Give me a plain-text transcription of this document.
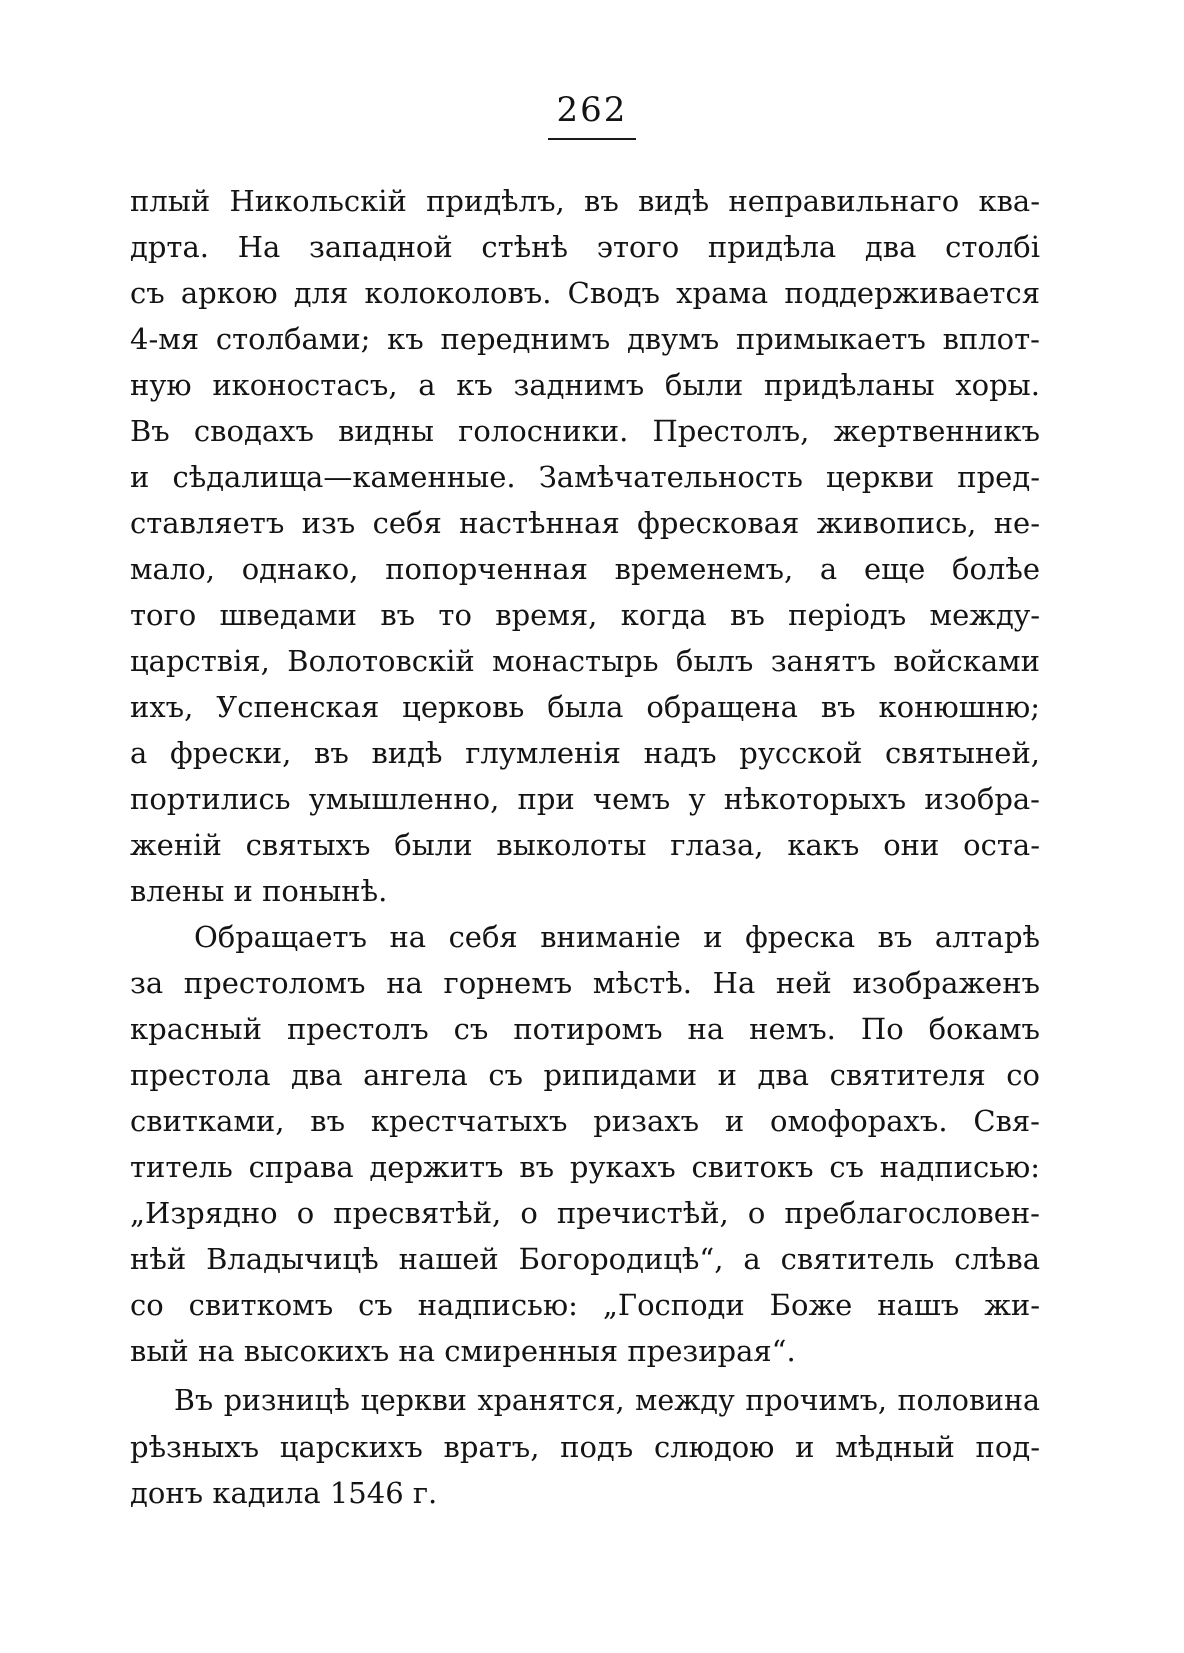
262
плый Никольскій придѣлъ, въ видѣ неправильнаго ква-
дрта. На западной стѣнѣ этого придѣла два столбі
съ аркою для колоколовъ. Сводъ храма поддерживается
4-мя столбами; къ переднимъ двумъ примыкаетъ вплот-
ную иконостасъ, а къ заднимъ были придѣланы хоры.
Въ сводахъ видны голосники. Престолъ, жертвенникъ
и сѣдалища—каменные. Замѣчательность церкви пред-
ставляетъ изъ себя настѣнная фресковая живопись, не-
мало, однако, попорченная временемъ, а еще болѣе
того шведами въ то время, когда въ періодъ междy-
царствія, Волотовскій монастырь былъ занятъ войсками
ихъ, Успенская церковь была обращена въ конюшню;
а фрески, въ видѣ глумленія надъ русской святыней,
портились умышленно, при чемъ у нѣкоторыхъ изобра-
женій святыхъ были выколоты глаза, какъ они оста-
влены и понынѣ.
Обращаетъ на себя вниманіе и фреска въ алтарѣ
за престоломъ на горнемъ мѣстѣ. На ней изображенъ
красный престолъ съ потиромъ на немъ. По бокамъ
престола два ангела съ рипидами и два святителя со
свитками, въ крестчатыхъ ризахъ и омофорахъ. Свя-
титель справа держитъ въ рукахъ свитокъ съ надписью:
„Изрядно о пресвятѣй, о пречистѣй, о преблагословен-
нѣй Владычицѣ нашей Богородицѣ“, а святитель слѣва
со свиткомъ съ надписью: „Господи Боже нашъ жи-
вый на высокихъ на смиренныя презирая“.
Въ ризницѣ церкви хранятся, между прочимъ, половина
рѣзныхъ царскихъ вратъ, подъ слюдою и мѣдный под-
донъ кадила 1546 г.
